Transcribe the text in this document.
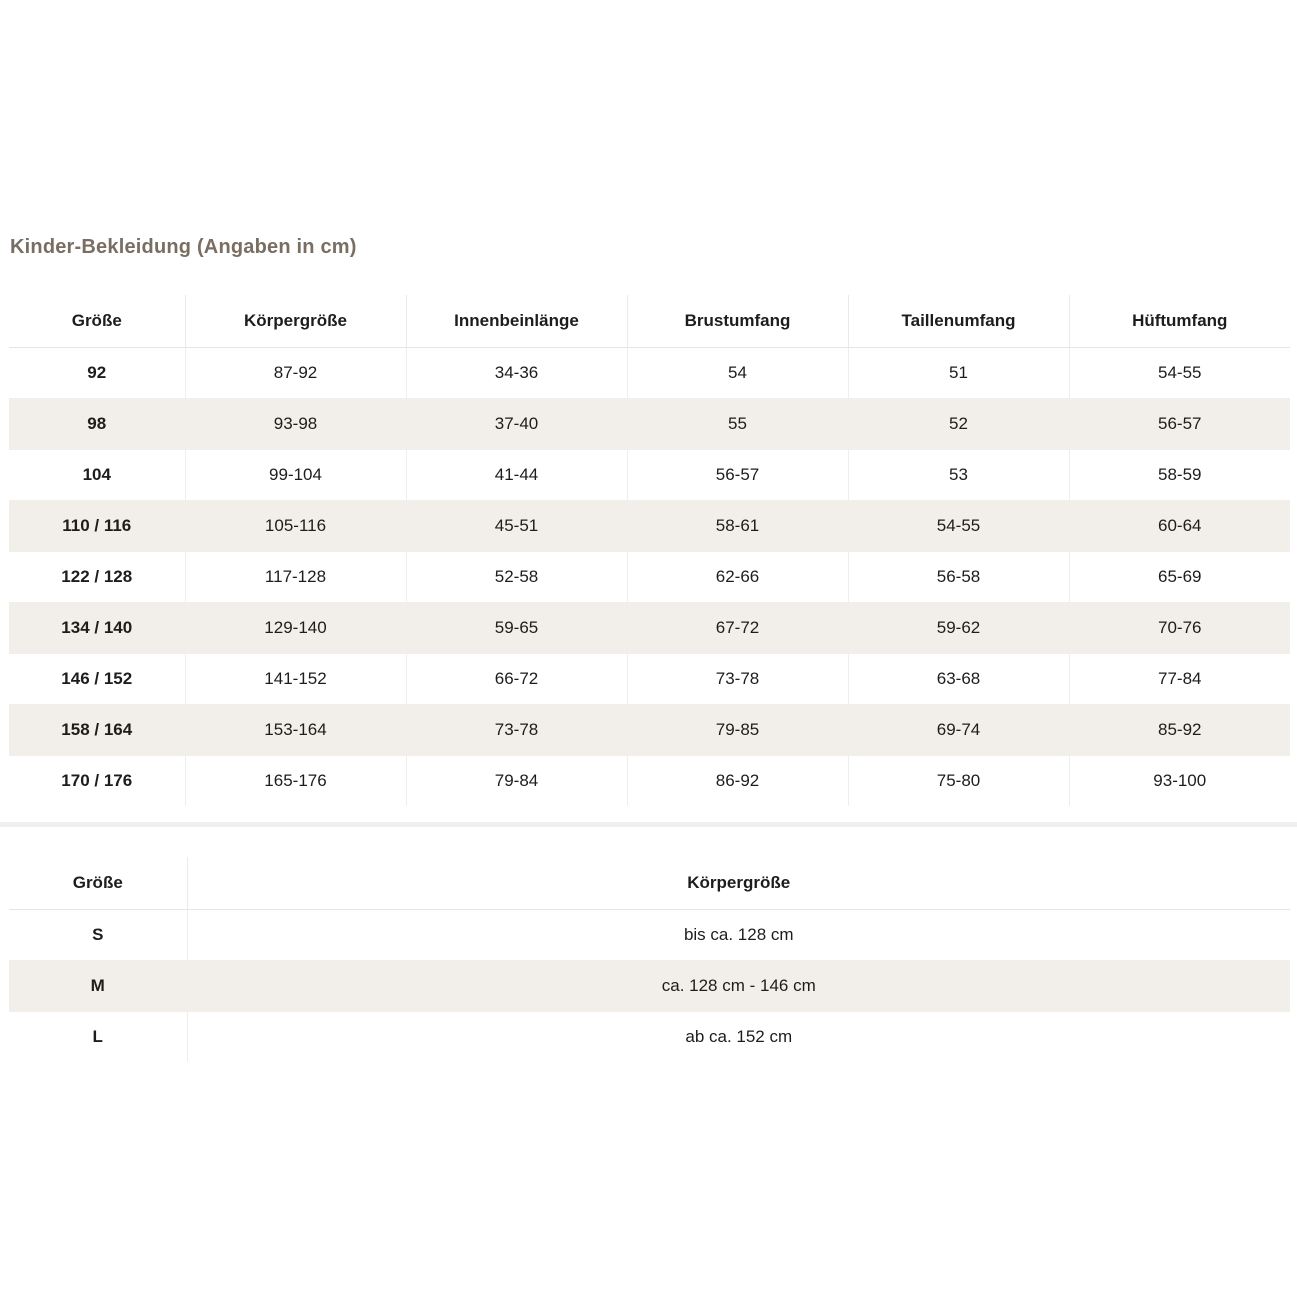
Kinder-Bekleidung (Angaben in cm)
Größe	Körpergröße	Innenbeinlänge	Brustumfang	Taillenumfang	Hüftumfang
92	87-92	34-36	54	51	54-55
98	93-98	37-40	55	52	56-57
104	99-104	41-44	56-57	53	58-59
110 / 116	105-116	45-51	58-61	54-55	60-64
122 / 128	117-128	52-58	62-66	56-58	65-69
134 / 140	129-140	59-65	67-72	59-62	70-76
146 / 152	141-152	66-72	73-78	63-68	77-84
158 / 164	153-164	73-78	79-85	69-74	85-92
170 / 176	165-176	79-84	86-92	75-80	93-100
Größe	Körpergröße
S	bis ca. 128 cm
M	ca. 128 cm - 146 cm
L	ab ca. 152 cm
